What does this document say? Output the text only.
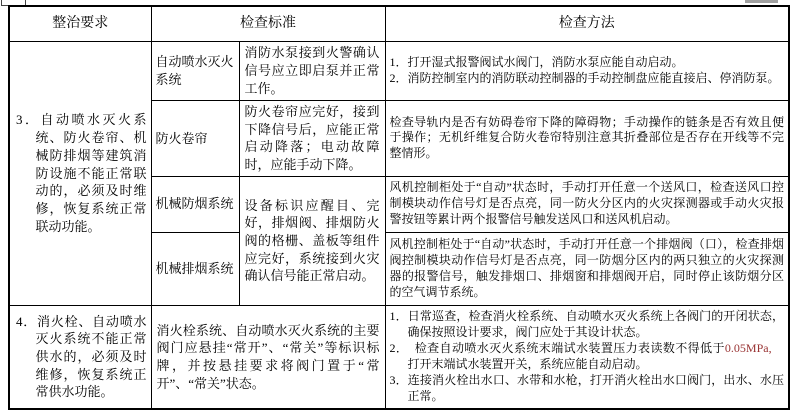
整治要求	检查标准		检查方法

3．自动喷水灭火系统、防火卷帘、机械防排烟等建筑消防设施不能正常联动的，必须及时维修，恢复系统正常联动功能。	自动喷水灭火系统	消防水泵接到火警确认信号应立即启泵并正常工作。	1．打开湿式报警阀试水阀门，消防水泵应能自动启动。
2．消防控制室内的消防联动控制器的手动控制盘应能直接启、停消防泵。

	防火卷帘	防火卷帘应完好，接到下降信号后，应能正常启动降落；电动故障时，应能手动下降。	检查导轨内是否有妨碍卷帘下降的障碍物；手动操作的链条是否有效且便于操作；无机纤维复合防火卷帘特别注意其折叠部位是否存在开线等不完整情形。
	机械防烟系统	设备标识应醒目、完好，排烟阀、排烟防火阀的格栅、盖板等组件应完好，系统接到火灾确认信号能正常启动。	风机控制柜处于“自动”状态时，手动打开任意一个送风口，检查送风口控制模块动作信号灯是否点亮，同一防火分区内的火灾探测器或手动火灾报警按钮等累计两个报警信号触发送风口和送风机启动。
	机械排烟系统		风机控制柜处于“自动”状态时，手动打开任意一个排烟阀（口），检查排烟阀控制模块动作信号灯是否点亮，同一防烟分区内的两只独立的火灾探测器的报警信号，触发排烟口、排烟窗和排烟阀开启，同时停止该防烟分区的空气调节系统。

4．消火栓、自动喷水灭火系统不能正常供水的，必须及时维修，恢复系统正常供水功能。	消火栓系统、自动喷水灭火系统的主要阀门应悬挂“常开”、“常关”等标识标牌，并按悬挂要求将阀门置于“常开”、“常关”状态。		1．日常巡查，检查消火栓系统、自动喷水灭火系统上各阀门的开闭状态，确保按照设计要求，阀门应处于其设计状态。
2．　检查自动喷水灭火系统末端试水装置压力表读数不得低于0.05MPa,　打开末端试水装置开关，系统应能自动启动。
3．连接消火栓出水口、水带和水枪，打开消火栓出水口阀门，出水、水压正常。
